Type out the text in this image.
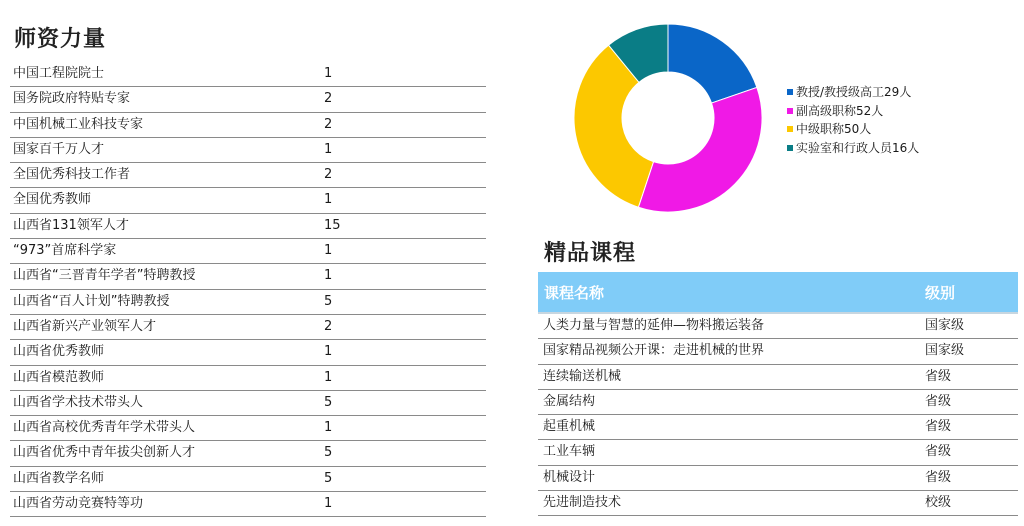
师资力量
中国工程院院士	1
国务院政府特贴专家	2
中国机械工业科技专家	2
国家百千万人才	1
全国优秀科技工作者	2
全国优秀教师	1
山西省131领军人才	15
“973”首席科学家	1
山西省“三晋青年学者”特聘教授	1
山西省“百人计划”特聘教授	5
山西省新兴产业领军人才	2
山西省优秀教师	1
山西省模范教师	1
山西省学术技术带头人	5
山西省高校优秀青年学术带头人	1
山西省优秀中青年拔尖创新人才	5
山西省教学名师	5
山西省劳动竞赛特等功	1
教授/教授级高工29人
副高级职称52人
中级职称50人
实验室和行政人员16人
精品课程
课程名称	级别
人类力量与智慧的延伸—物料搬运装备	国家级
国家精品视频公开课：走进机械的世界	国家级
连续输送机械	省级
金属结构	省级
起重机械	省级
工业车辆	省级
机械设计	省级
先进制造技术	校级
